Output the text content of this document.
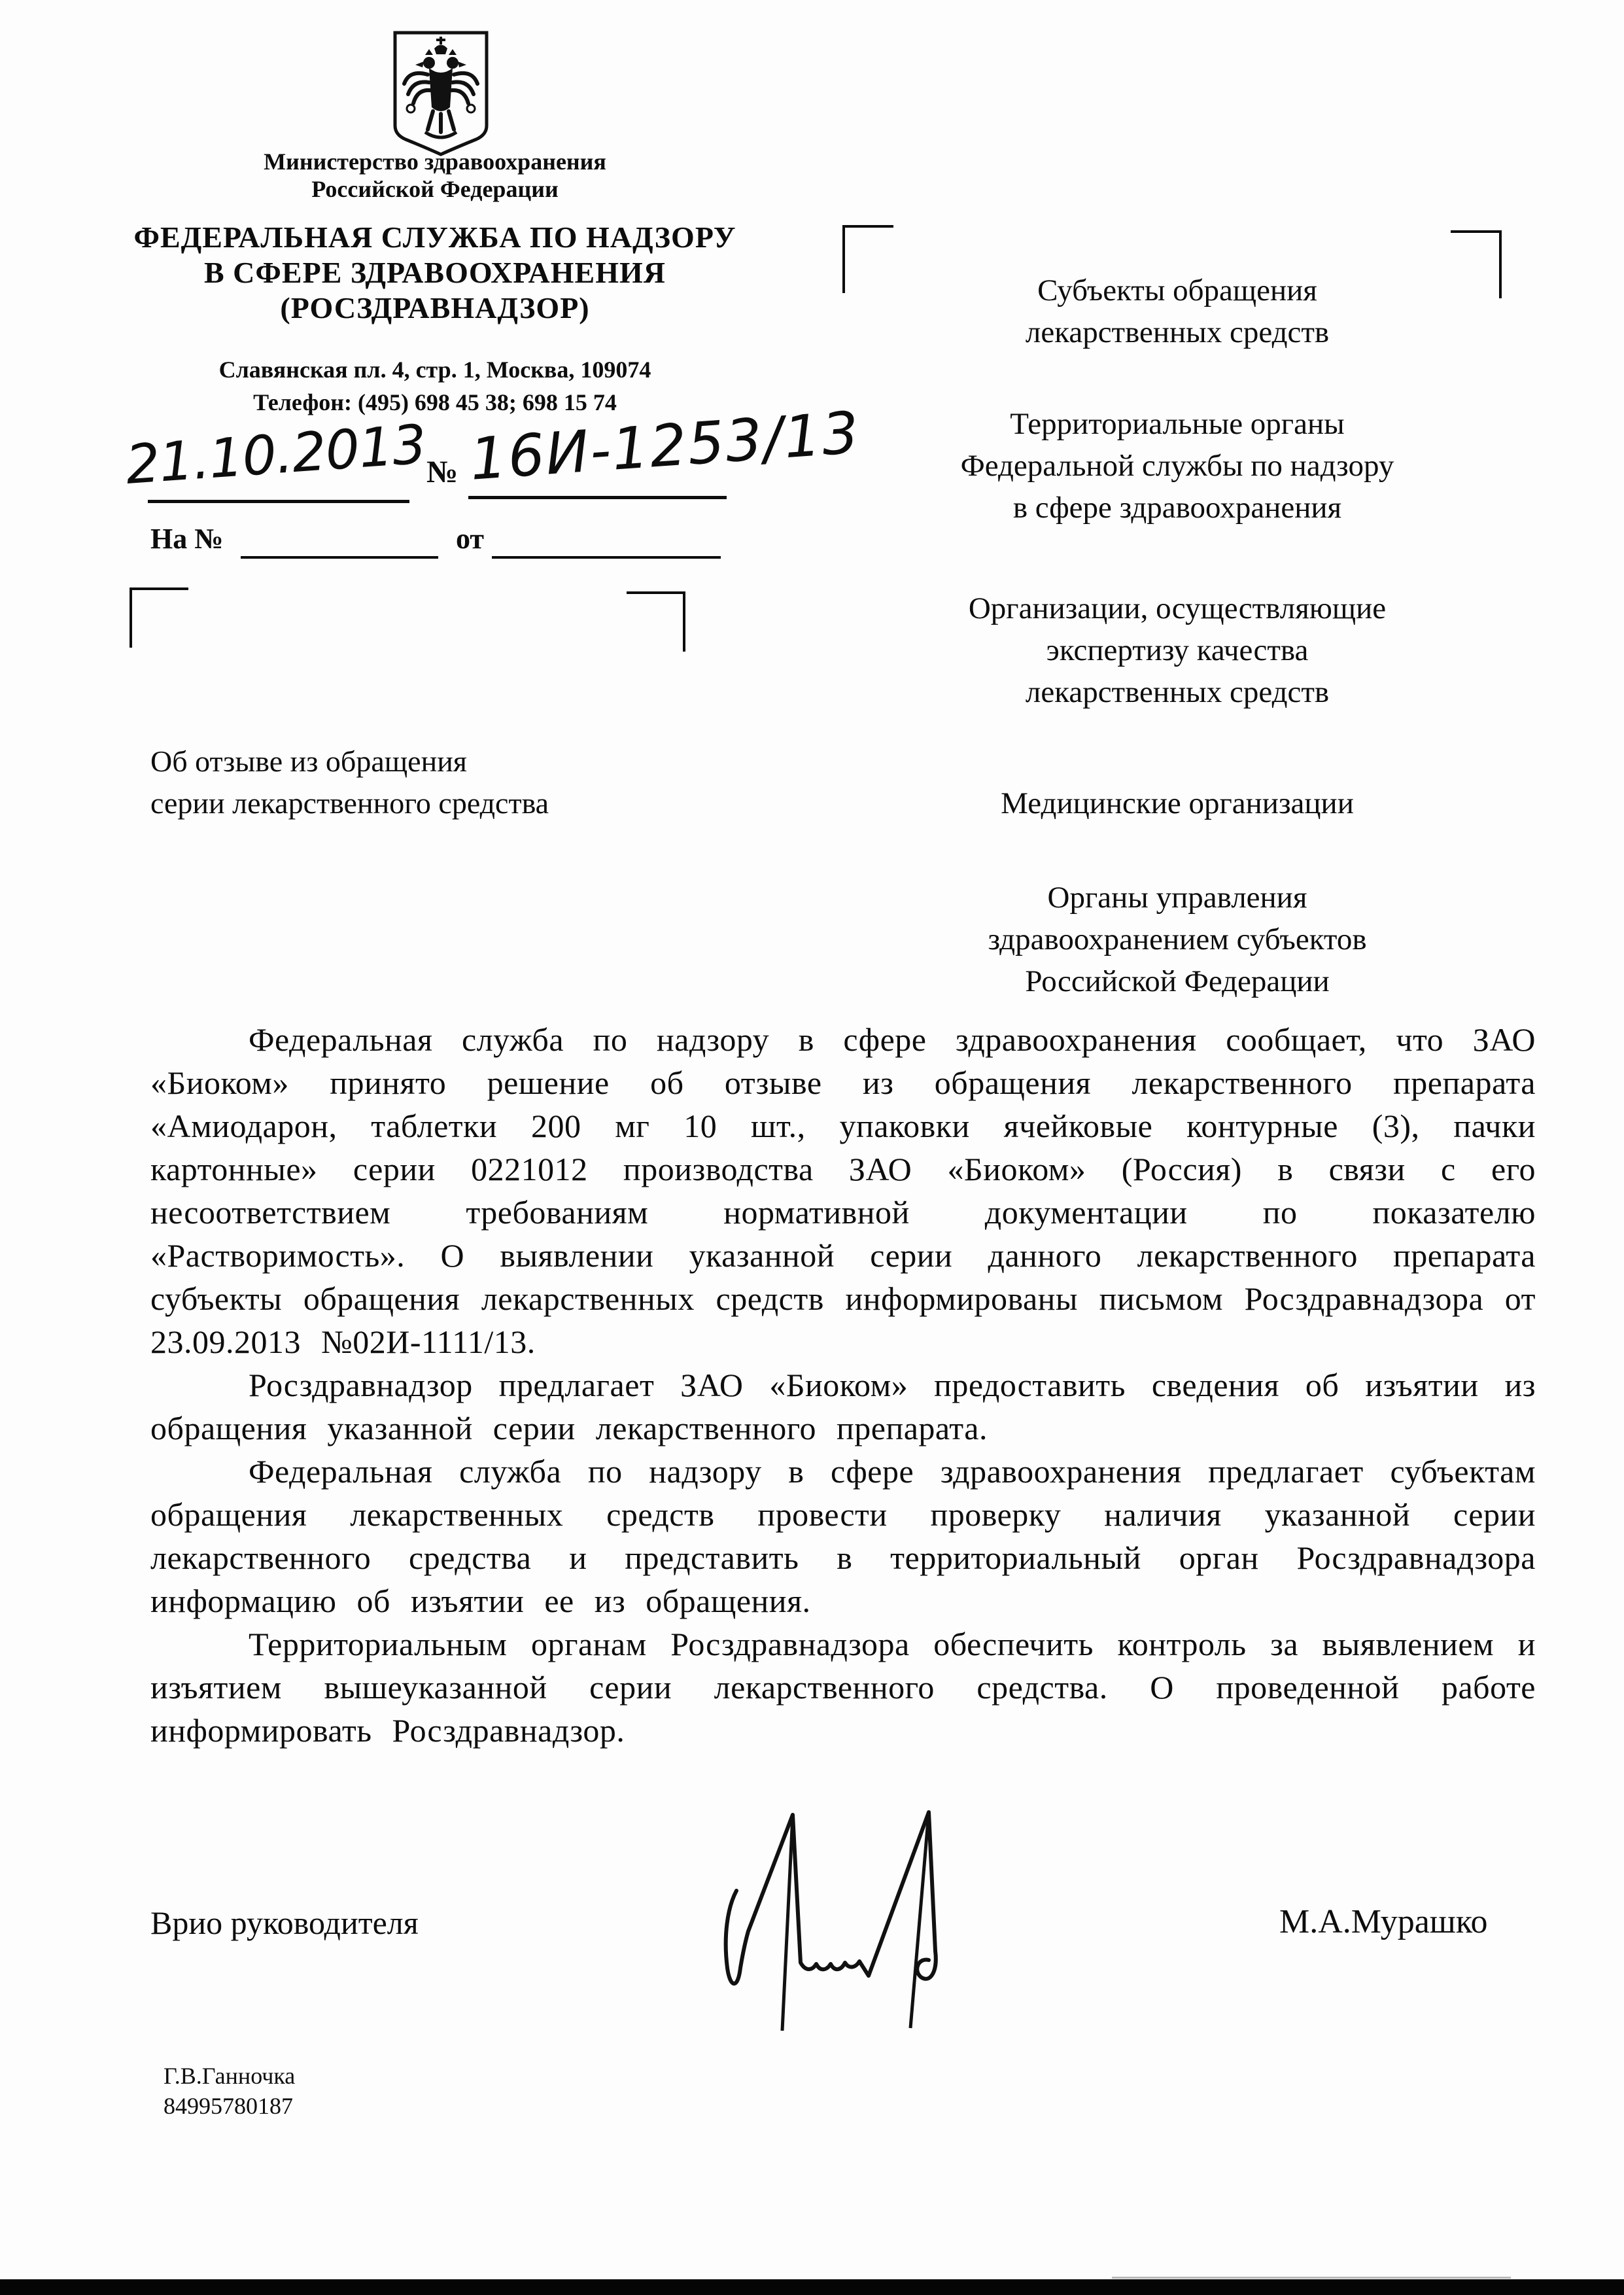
Министерство здравоохранения
Российской Федерации
ФЕДЕРАЛЬНАЯ СЛУЖБА ПО НАДЗОРУ
В СФЕРЕ ЗДРАВООХРАНЕНИЯ
(РОСЗДРАВНАДЗОР)
Славянская пл. 4, стр. 1, Москва, 109074
Телефон: (495) 698 45 38; 698 15 74
21.10.2013
№ 16И-1253/13
На №	от
Об отзыве из обращения
серии лекарственного средства
Субъекты обращения
лекарственных средств
Территориальные органы
Федеральной службы по надзору
в сфере здравоохранения
Организации, осуществляющие
экспертизу качества
лекарственных средств
Медицинские организации
Органы управления
здравоохранением субъектов
Российской Федерации

Федеральная служба по надзору в сфере здравоохранения сообщает, что ЗАО «Биоком» принято решение об отзыве из обращения лекарственного препарата «Амиодарон, таблетки 200 мг 10 шт., упаковки ячейковые контурные (3), пачки картонные» серии 0221012 производства ЗАО «Биоком» (Россия) в связи с его несоответствием требованиям нормативной документации по показателю «Растворимость». О выявлении указанной серии данного лекарственного препарата субъекты обращения лекарственных средств информированы письмом Росздравнадзора от 23.09.2013 №02И-1111/13.

Росздравнадзор предлагает ЗАО «Биоком» предоставить сведения об изъятии из обращения указанной серии лекарственного препарата.

Федеральная служба по надзору в сфере здравоохранения предлагает субъектам обращения лекарственных средств провести проверку наличия указанной серии лекарственного средства и представить в территориальный орган Росздравнадзора информацию об изъятии ее из обращения.

Территориальным органам Росздравнадзора обеспечить контроль за выявлением и изъятием вышеуказанной серии лекарственного средства. О проведенной работе информировать Росздравнадзор.

Врио руководителя	М.А.Мурашко
Г.В.Ганночка
84995780187
